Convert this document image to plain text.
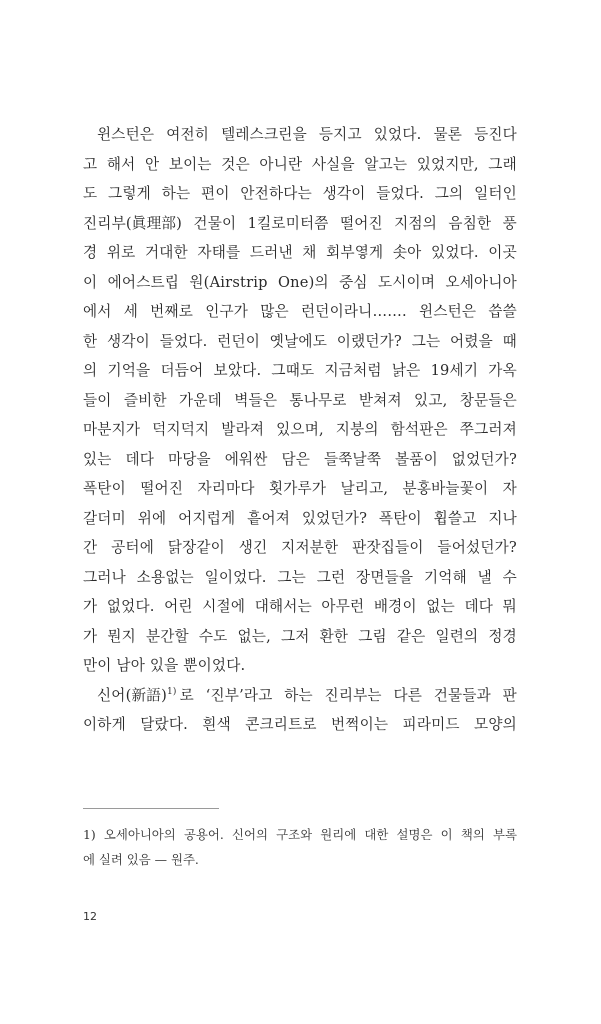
윈스턴은 여전히 텔레스크린을 등지고 있었다. 물론 등진다
고 해서 안 보이는 것은 아니란 사실을 알고는 있었지만, 그래
도 그렇게 하는 편이 안전하다는 생각이 들었다. 그의 일터인
진리부(眞理部) 건물이 1킬로미터쯤 떨어진 지점의 음침한 풍
경 위로 거대한 자태를 드러낸 채 회부옇게 솟아 있었다. 이곳
이 에어스트립 원(Airstrip One)의 중심 도시이며 오세아니아
에서 세 번째로 인구가 많은 런던이라니……. 윈스턴은 씁쓸
한 생각이 들었다. 런던이 옛날에도 이랬던가? 그는 어렸을 때
의 기억을 더듬어 보았다. 그때도 지금처럼 낡은 19세기 가옥
들이 즐비한 가운데 벽들은 통나무로 받쳐져 있고, 창문들은
마분지가 덕지덕지 발라져 있으며, 지붕의 함석판은 쭈그러져
있는 데다 마당을 에워싼 담은 들쭉날쭉 볼품이 없었던가?
폭탄이 떨어진 자리마다 횟가루가 날리고, 분홍바늘꽃이 자
갈더미 위에 어지럽게 흩어져 있었던가? 폭탄이 휩쓸고 지나
간 공터에 닭장같이 생긴 지저분한 판잣집들이 들어섰던가?
그러나 소용없는 일이었다. 그는 그런 장면들을 기억해 낼 수
가 없었다. 어린 시절에 대해서는 아무런 배경이 없는 데다 뭐
가 뭔지 분간할 수도 없는, 그저 환한 그림 같은 일련의 정경
만이 남아 있을 뿐이었다.
신어(新語)$^{1)}$ 로 ‘진부’라고 하는 진리부는 다른 건물들과 판
이하게 달랐다. 흰색 콘크리트로 번쩍이는 피라미드 모양의
1) 오세아니아의 공용어. 신어의 구조와 원리에 대한 설명은 이 책의 부록
에 실려 있음 — 원주.
12
